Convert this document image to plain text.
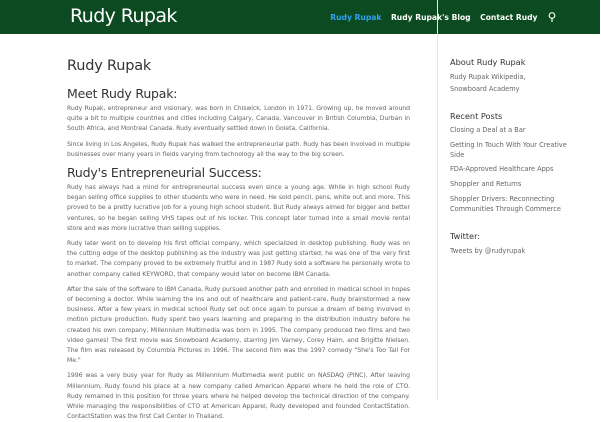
Rudy Rupak	Rudy Rupak Rudy Rupak's Blog Contact Rudy
Rudy Rupak
Meet Rudy Rupak:

Rudy Rupak, entrepreneur and visionary, was born in Chiswick, London in 1971. Growing up, he moved around quite a bit to multiple countries and cities including Calgary, Canada, Vancouver in British Columbia, Durban in South Africa, and Montreal Canada. Rudy eventually settled down in Goleta, California.

Since living in Los Angeles, Rudy Rupak has walked the entrepreneurial path. Rudy has been involved in multiple businesses over many years in fields varying from technology all the way to the big screen.

Rudy's Entrepreneurial Success:

Rudy has always had a mind for entrepreneurial success even since a young age. While in high school Rudy began selling office supplies to other students who were in need. He sold pencil, pens, white out and more. This proved to be a pretty lucrative job for a young high school student. But Rudy always aimed for bigger and better ventures, so he began selling VHS tapes out of his locker. This concept later turned into a small movie rental store and was more lucrative than selling supplies.

Rudy later went on to develop his first official company, which specialized in desktop publishing. Rudy was on the cutting edge of the desktop publishing as the industry was just getting started; he was one of the very first to market. The company proved to be extremely fruitful and in 1987 Rudy sold a software he personally wrote to another company called KEYWORD, that company would later on become IBM Canada.

After the sale of the software to IBM Canada, Rudy pursued another path and enrolled in medical school in hopes of becoming a doctor. While learning the ins and out of healthcare and patient-care, Rudy brainstormed a new business. After a few years in medical school Rudy set out once again to pursue a dream of being involved in motion picture production. Rudy spent two years learning and preparing in the distribution industry before he created his own company, Millennium Multimedia was born in 1995. The company produced two films and two video games! The first movie was Snowboard Academy, starring Jim Varney, Corey Haim, and Brigitte Nielsen. The film was released by Columbia Pictures in 1996. The second film was the 1997 comedy "She's Too Tall For Me."

1996 was a very busy year for Rudy as Millennium Multimedia went public on NASDAQ (PINC). After leaving Millennium, Rudy found his place at a new company called American Apparel where he held the role of CTO. Rudy remained in this position for three years where he helped develop the technical direction of the company. While managing the responsibilities of CTO at American Apparel, Rudy developed and founded ContactStation. ContactStation was the first Call Center in Thailand.

About Rudy Rupak
Rudy Rupak Wikipedia,
Snowboard Academy
Recent Posts
Closing a Deal at a Bar
Getting In Touch With Your Creative Side
FDA-Approved Healthcare Apps
Shoppler and Returns
Shoppler Drivers: Reconnecting Communities Through Commerce
Twitter:
Tweets by @rudyrupak
